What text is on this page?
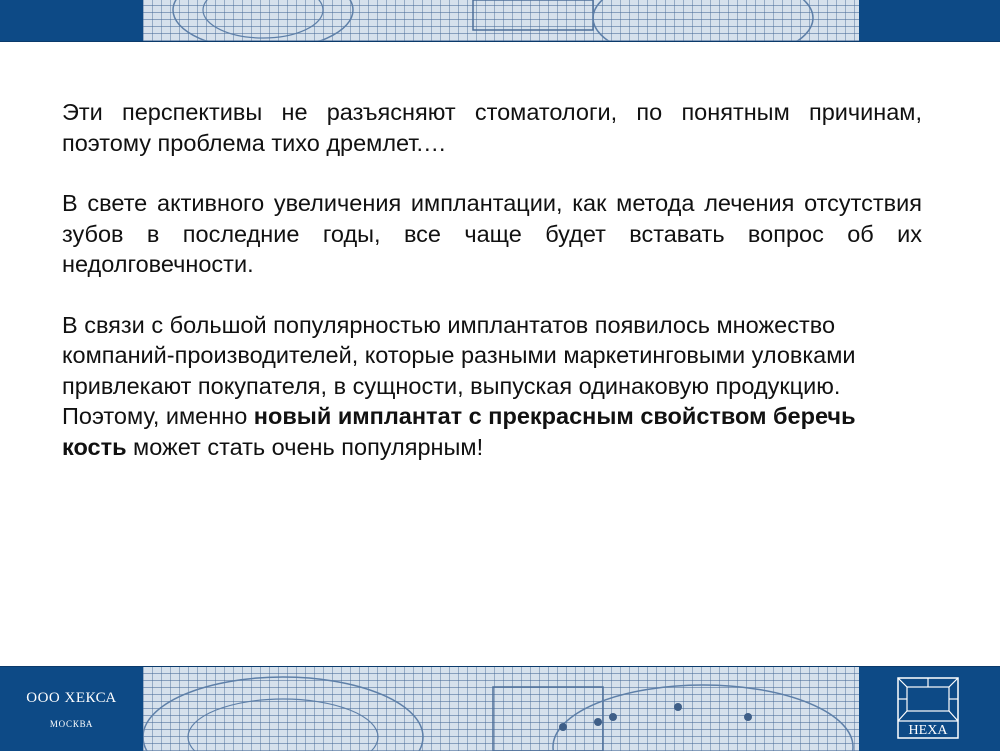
Эти перспективы не разъясняют стоматологи, по понятным причинам, поэтому проблема тихо дремлет.…

В свете активного увеличения имплантации, как метода лечения отсутствия зубов в последние годы, все чаще будет вставать вопрос об их недолговечности.

В связи с большой популярностью имплантатов появилось множество компаний-производителей, которые разными маркетинговыми уловками привлекают покупателя, в сущности, выпуская одинаковую продукцию. Поэтому, именно новый имплантат с прекрасным свойством беречь кость может стать очень популярным!

ООО ХЕКСА
МОСКВА	HEXA
